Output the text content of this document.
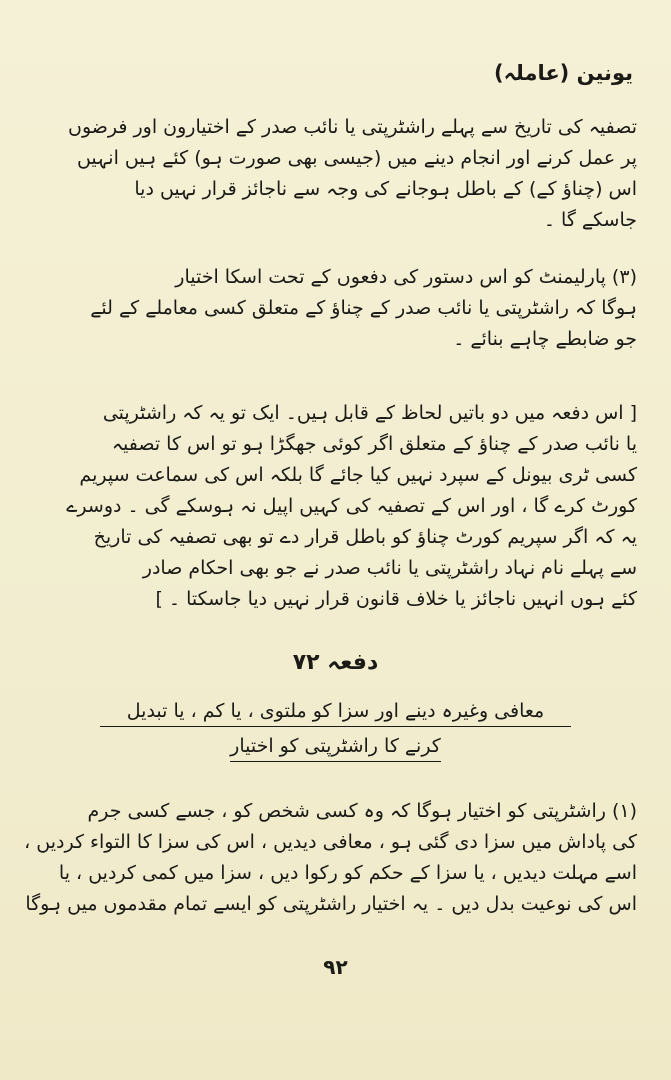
یونین (عاملہ)
تصفیہ کی تاریخ سے پہلے راشٹرپتی یا نائب صدر کے اختیارون اور فرضوں
پر عمل کرنے اور انجام دینے میں (جیسی بھی صورت ہو) کئے ہیں انہیں
اس (چناؤ کے) کے باطل ہوجانے کی وجہ سے ناجائز قرار نہیں دیا
جاسکے گا ۔
(۳) پارلیمنٹ کو اس دستور کی دفعوں کے تحت اسکا اختیار
ہوگا کہ راشٹرپتی یا نائب صدر کے چناؤ کے متعلق کسی معاملے کے لئے
جو ضابطے چاہے بنائے ۔
[ اس دفعہ میں دو باتیں لحاظ کے قابل ہیں۔ ایک تو یہ کہ راشٹرپتی
یا نائب صدر کے چناؤ کے متعلق اگر کوئی جھگڑا ہو تو اس کا تصفیہ
کسی ٹری بیونل کے سپرد نہیں کیا جائے گا بلکہ اس کی سماعت سپریم
کورٹ کرے گا ، اور اس کے تصفیہ کی کہیں اپیل نہ ہوسکے گی ۔ دوسرے
یہ کہ اگر سپریم کورٹ چناؤ کو باطل قرار دے تو بھی تصفیہ کی تاریخ
سے پہلے نام نہاد راشٹرپتی یا نائب صدر نے جو بھی احکام صادر
کئے ہوں انہیں ناجائز یا خلاف قانون قرار نہیں دیا جاسکتا ۔ ]
دفعہ ۷۲
معافی وغیرہ دینے اور سزا کو ملتوی ، یا کم ، یا تبدیل
کرنے کا راشٹرپتی کو اختیار
(۱) راشٹرپتی کو اختیار ہوگا کہ وہ کسی شخص کو ، جسے کسی جرم
کی پاداش میں سزا دی گئی ہو ، معافی دیدیں ، اس کی سزا کا التواء کردیں ،
اسے مہلت دیدیں ، یا سزا کے حکم کو رکوا دیں ، سزا میں کمی کردیں ، یا
اس کی نوعیت بدل دیں ۔ یہ اختیار راشٹرپتی کو ایسے تمام مقدموں میں ہوگا
۹۲
